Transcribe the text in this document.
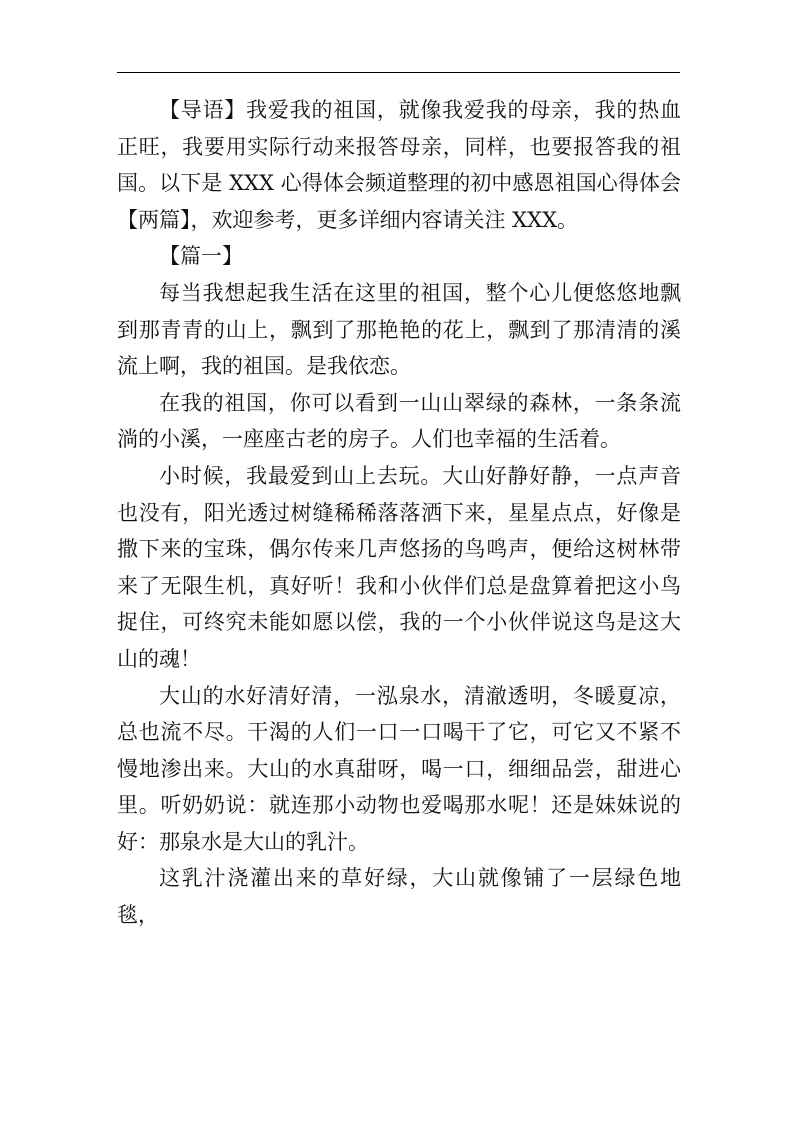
【导语】我爱我的祖国，就像我爱我的母亲，我的热血正旺，我要用实际行动来报答母亲，同样，也要报答我的祖国。以下是 XXX 心得体会频道整理的初中感恩祖国心得体会【两篇】，欢迎参考，更多详细内容请关注 XXX。

【篇一】

每当我想起我生活在这里的祖国，整个心儿便悠悠地飘到那青青的山上，飘到了那艳艳的花上，飘到了那清清的溪流上啊，我的祖国。是我依恋。

在我的祖国，你可以看到一山山翠绿的森林，一条条流淌的小溪，一座座古老的房子。人们也幸福的生活着。

小时候，我最爱到山上去玩。大山好静好静，一点声音也没有，阳光透过树缝稀稀落落洒下来，星星点点，好像是撒下来的宝珠，偶尔传来几声悠扬的鸟鸣声，便给这树林带来了无限生机，真好听！我和小伙伴们总是盘算着把这小鸟捉住，可终究未能如愿以偿，我的一个小伙伴说这鸟是这大山的魂！

大山的水好清好清，一泓泉水，清澈透明，冬暖夏凉，总也流不尽。干渴的人们一口一口喝干了它，可它又不紧不慢地渗出来。大山的水真甜呀，喝一口，细细品尝，甜进心里。听奶奶说：就连那小动物也爱喝那水呢！还是妹妹说的好：那泉水是大山的乳汁。

这乳汁浇灌出来的草好绿，大山就像铺了一层绿色地毯，
